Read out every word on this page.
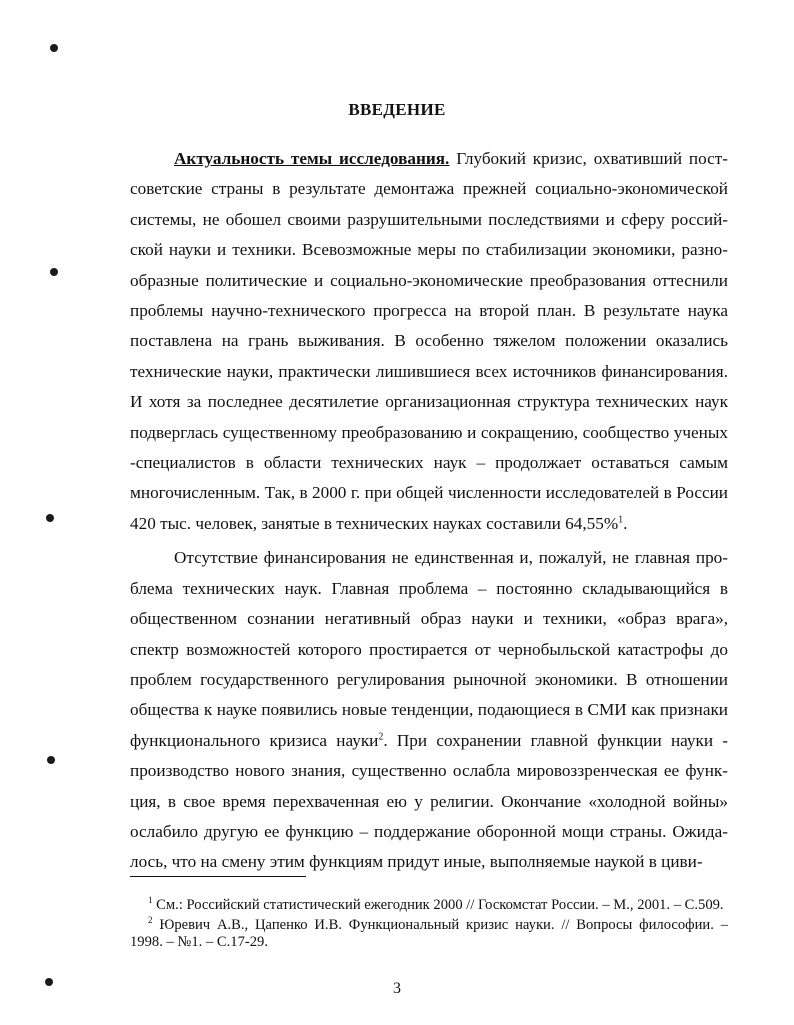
ВВЕДЕНИЕ

Актуальность темы исследования. Глубокий кризис, охвативший постсоветские страны в результате демонтажа прежней социально-экономической системы, не обошел своими разрушительными последствиями и сферу российской науки и техники. Всевозможные меры по стабилизации экономики, разнообразные политические и социально-экономические преобразования оттеснили проблемы научно-технического прогресса на второй план. В результате наука поставлена на грань выживания. В особенно тяжелом положении оказались технические науки, практически лишившиеся всех источников финансирования. И хотя за последнее десятилетие организационная структура технических наук подверглась существенному преобразованию и сокращению, сообщество ученых -специалистов в области технических наук – продолжает оставаться самым многочисленным. Так, в 2000 г. при общей численности исследователей в России 420 тыс. человек, занятые в технических науках составили 64,55%$^1$.

Отсутствие финансирования не единственная и, пожалуй, не главная проблема технических наук. Главная проблема – постоянно складывающийся в общественном сознании негативный образ науки и техники, «образ врага», спектр возможностей которого простирается от чернобыльской катастрофы до проблем государственного регулирования рыночной экономики. В отношении общества к науке появились новые тенденции, подающиеся в СМИ как признаки функционального кризиса науки$^2$. При сохранении главной функции науки - производство нового знания, существенно ослабла мировоззренческая ее функция, в свое время перехваченная ею у религии. Окончание «холодной войны» ослабило другую ее функцию – поддержание оборонной мощи страны. Ожидалось, что на смену этим функциям придут иные, выполняемые наукой в циви-

$^1$ См.: Российский статистический ежегодник 2000 // Госкомстат России. – М., 2001. – С.509.

$^2$ Юревич А.В., Цапенко И.В. Функциональный кризис науки. // Вопросы философии. – 1998. – №1. – С.17-29.

3
